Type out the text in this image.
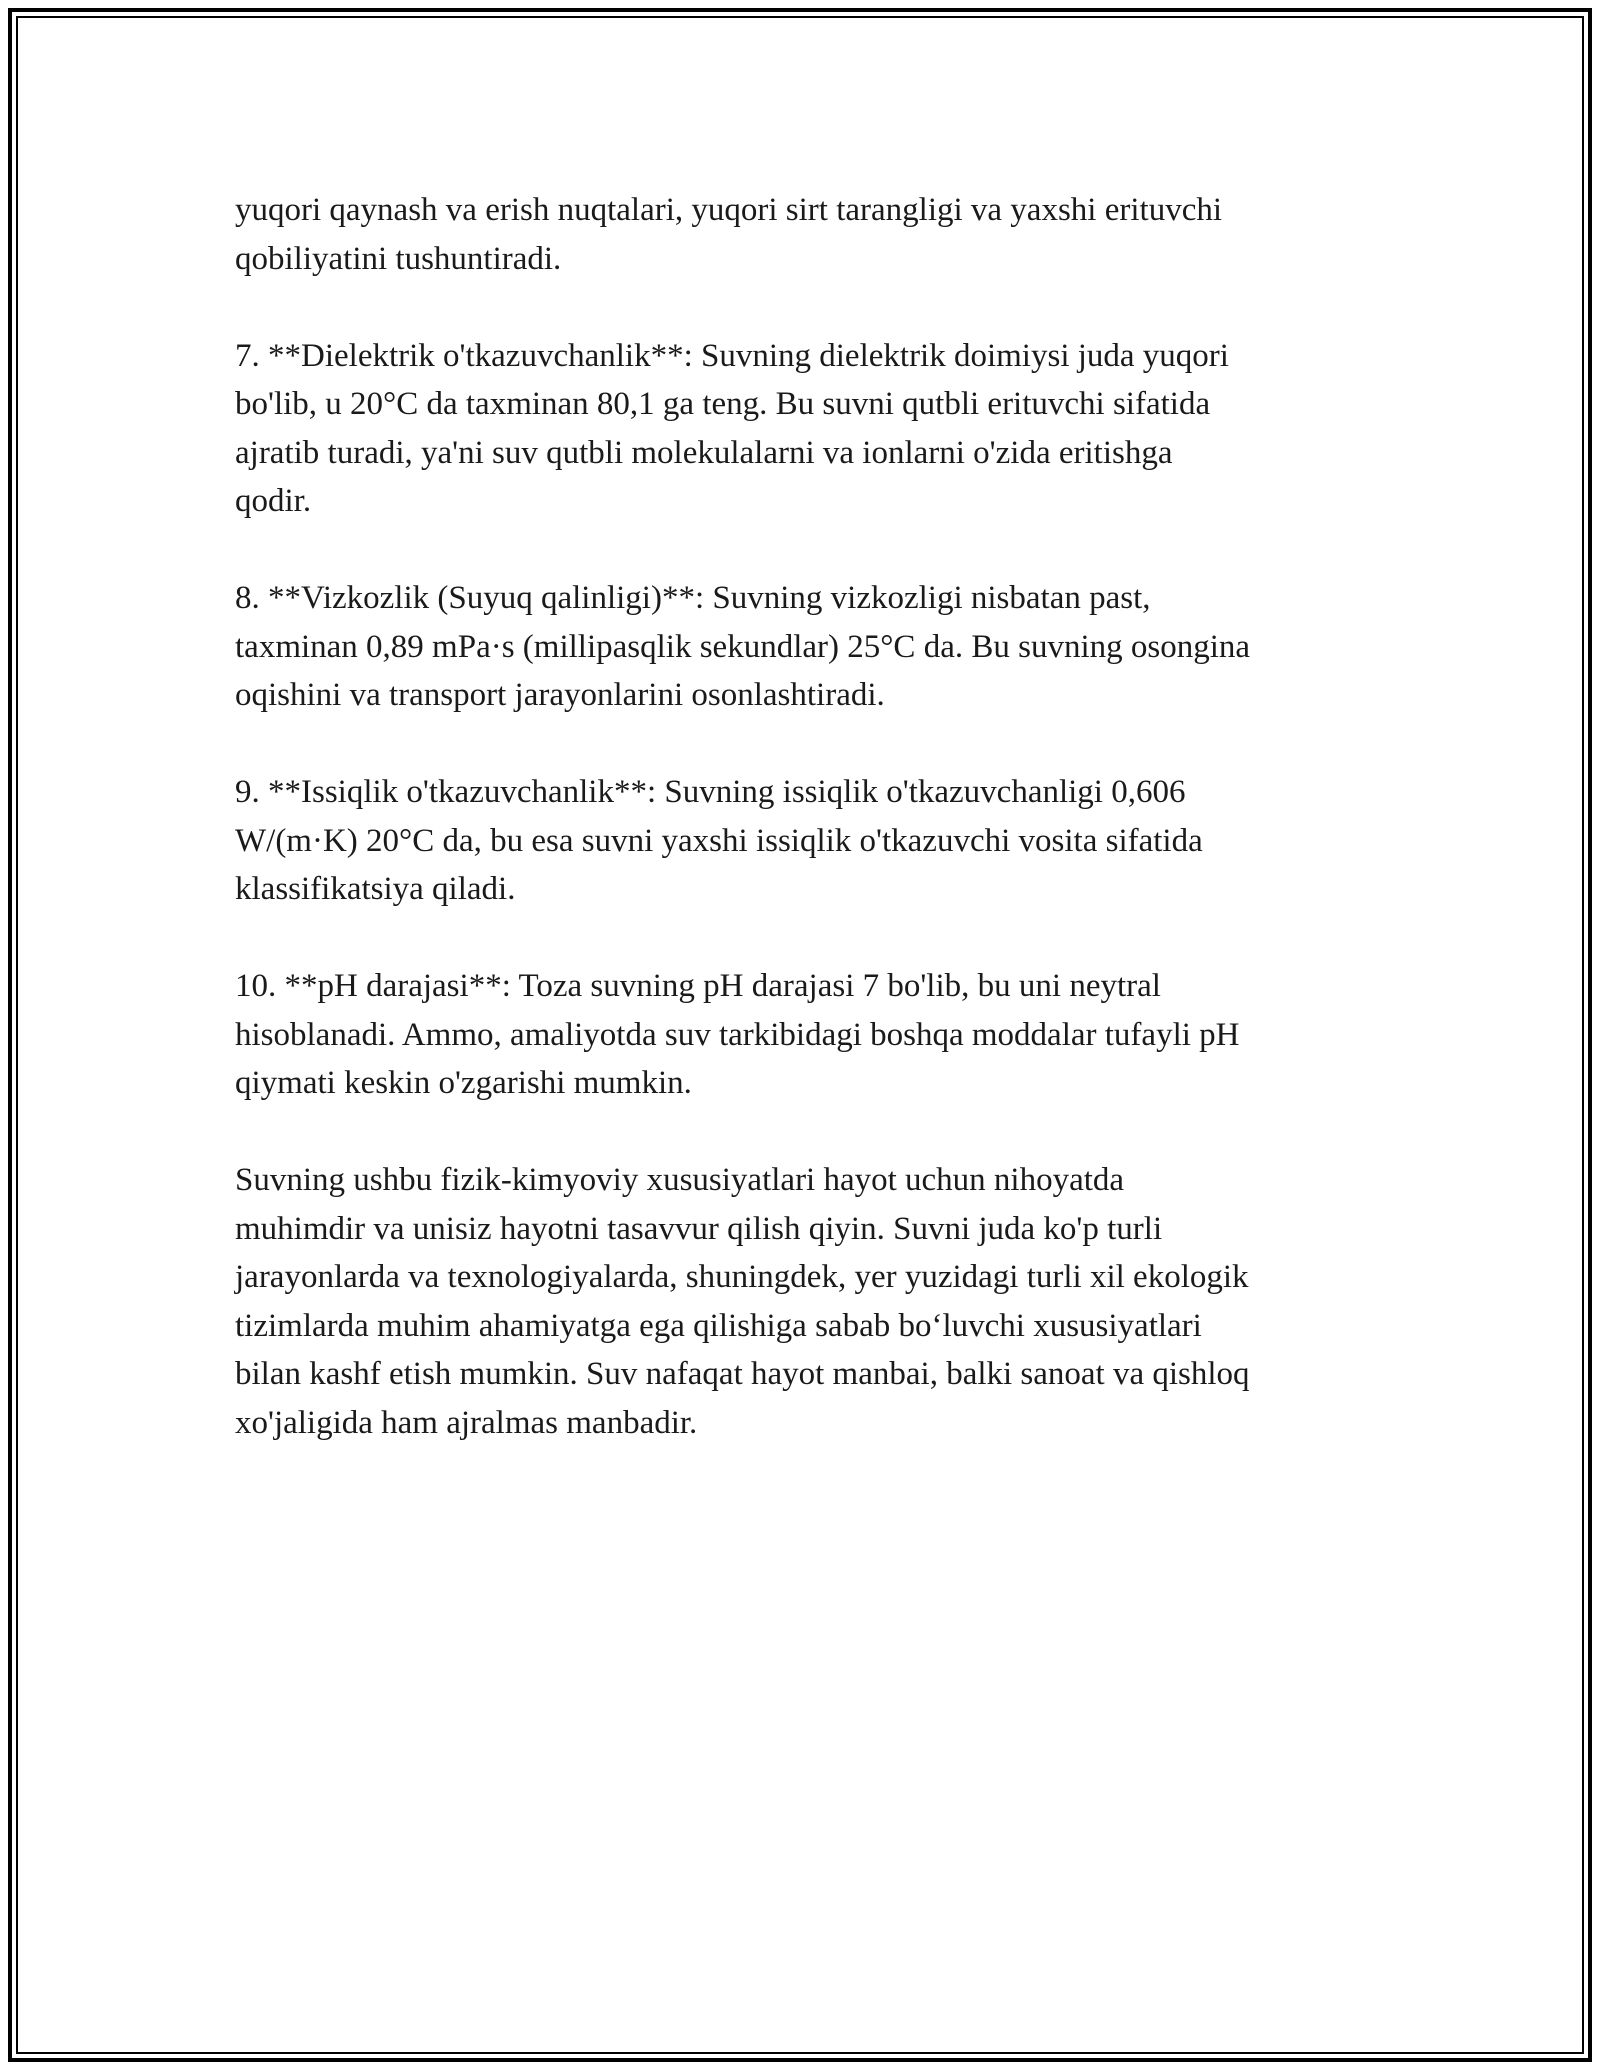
yuqori qaynash va erish nuqtalari, yuqori sirt tarangligi va yaxshi erituvchi
qobiliyatini tushuntiradi.

7. **Dielektrik o'tkazuvchanlik**: Suvning dielektrik doimiysi juda yuqori
bo'lib, u 20°C da taxminan 80,1 ga teng. Bu suvni qutbli erituvchi sifatida
ajratib turadi, ya'ni suv qutbli molekulalarni va ionlarni o'zida eritishga
qodir.

8. **Vizkozlik (Suyuq qalinligi)**: Suvning vizkozligi nisbatan past,
taxminan 0,89 mPa·s (millipasqlik sekundlar) 25°C da. Bu suvning osongina
oqishini va transport jarayonlarini osonlashtiradi.

9. **Issiqlik o'tkazuvchanlik**: Suvning issiqlik o'tkazuvchanligi 0,606
W/(m·K) 20°C da, bu esa suvni yaxshi issiqlik o'tkazuvchi vosita sifatida
klassifikatsiya qiladi.

10. **pH darajasi**: Toza suvning pH darajasi 7 bo'lib, bu uni neytral
hisoblanadi. Ammo, amaliyotda suv tarkibidagi boshqa moddalar tufayli pH
qiymati keskin o'zgarishi mumkin.

Suvning ushbu fizik-kimyoviy xususiyatlari hayot uchun nihoyatda
muhimdir va unisiz hayotni tasavvur qilish qiyin. Suvni juda ko'p turli
jarayonlarda va texnologiyalarda, shuningdek, yer yuzidagi turli xil ekologik
tizimlarda muhim ahamiyatga ega qilishiga sabab bo‘luvchi xususiyatlari
bilan kashf etish mumkin. Suv nafaqat hayot manbai, balki sanoat va qishloq
xo'jaligida ham ajralmas manbadir.
